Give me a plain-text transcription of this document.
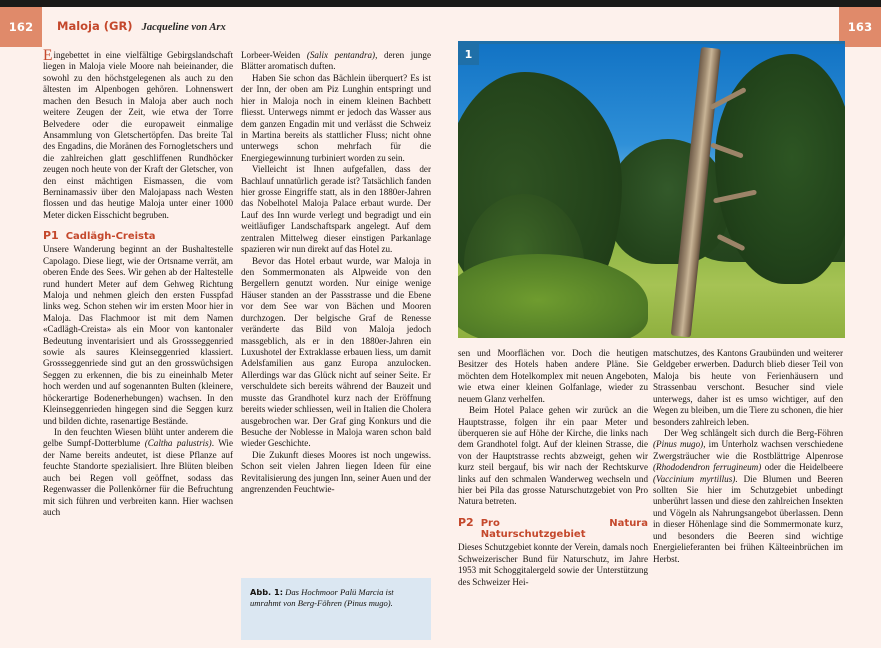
162	Maloja (GR) Jacqueline von Arx	163
1

Eingebettet in eine vielfältige Gebirgslandschaft liegen in Maloja viele Moore nah beieinander, die sowohl zu den höchstgelegenen als auch zu den ältesten im Alpenbogen gehören. Lohnenswert machen den Besuch in Maloja aber auch noch weitere Zeugen der Zeit, wie etwa der Torre Belvedere oder die europaweit einmalige Ansammlung von Gletschertöpfen. Das breite Tal des Engadins, die Moränen des Fornogletschers und die zahlreichen glatt geschliffenen Rundhöcker zeugen noch heute von der Kraft der Gletscher, von den einst mächtigen Eismassen, die vom Berninamassiv über den Malojapass nach Westen flossen und das heutige Maloja unter einer 1000 Meter dicken Eisschicht begruben.

P1 Cadlägh-Creista

Unsere Wanderung beginnt an der Bushaltestelle Capolago. Diese liegt, wie der Ortsname verrät, am oberen Ende des Sees. Wir gehen ab der Haltestelle rund hundert Meter auf dem Gehweg Richtung Maloja und nehmen gleich den ersten Fusspfad links weg. Schon stehen wir im ersten Moor hier in Maloja. Das Flachmoor ist mit dem Namen «Cadlägh-Creista» als ein Moor von kantonaler Bedeutung inventarisiert und als Grossseggenried sowie als saures Kleinseggenried klassiert. Grossseggenriede sind gut an den grosswüchsigen Seggen zu erkennen, die bis zu eineinhalb Meter hoch werden und auf sogenannten Bulten (kleinere, höckerartige Bodenerhebungen) wachsen. In den Kleinseggenrieden hingegen sind die Seggen kurz und bilden dichte, rasenartige Bestände.

In den feuchten Wiesen blüht unter anderem die gelbe Sumpf-Dotterblume (Caltha palustris). Wie der Name bereits andeutet, ist diese Pflanze auf feuchte Standorte spezialisiert. Ihre Blüten bleiben auch bei Regen voll geöffnet, sodass das Regenwasser die Pollenkörner für die Befruchtung mit sich führen und verbreiten kann. Hier wachsen auch

Lorbeer-Weiden (Salix pentandra), deren junge Blätter aromatisch duften.

Haben Sie schon das Bächlein überquert? Es ist der Inn, der oben am Piz Lunghin entspringt und hier in Maloja noch in einem kleinen Bachbett fliesst. Unterwegs nimmt er jedoch das Wasser aus dem ganzen Engadin mit und verlässt die Schweiz in Martina bereits als stattlicher Fluss; nicht ohne unterwegs schon mehrfach für die Energiegewinnung turbiniert worden zu sein.

Vielleicht ist Ihnen aufgefallen, dass der Bachlauf unnatürlich gerade ist? Tatsächlich fanden hier grosse Eingriffe statt, als in den 1880er-Jahren das Nobelhotel Maloja Palace erbaut wurde. Der Lauf des Inn wurde verlegt und begradigt und ein weitläufiger Landschaftspark angelegt. Auf dem zentralen Mittelweg dieser einstigen Parkanlage spazieren wir nun direkt auf das Hotel zu.

Bevor das Hotel erbaut wurde, war Maloja in den Sommermonaten als Alpweide von den Bergellern genutzt worden. Nur einige wenige Häuser standen an der Passstrasse und die Ebene vor dem See war von Bächen und Mooren durchzogen. Der belgische Graf de Renesse veränderte das Bild von Maloja jedoch massgeblich, als er in den 1880er-Jahren ein Luxushotel der Extraklasse erbauen liess, um damit Adelsfamilien aus ganz Europa anzulocken. Allerdings war das Glück nicht auf seiner Seite. Er verschuldete sich bereits während der Bauzeit und musste das Grandhotel kurz nach der Eröffnung bereits wieder schliessen, weil in Italien die Cholera ausgebrochen war. Der Graf ging Konkurs und die Besuche der Noblesse in Maloja waren schon bald wieder Geschichte.

Die Zukunft dieses Moores ist noch ungewiss. Schon seit vielen Jahren liegen Ideen für eine Revitalisierung des jungen Inn, seiner Auen und der angrenzenden Feuchtwie-

Abb. 1: Das Hochmoor Palü Marcia ist umrahmt von Berg-Föhren (Pinus mugo).

sen und Moorflächen vor. Doch die heutigen Besitzer des Hotels haben andere Pläne. Sie möchten dem Hotelkomplex mit neuen Angeboten, wie etwa einer kleinen Golfanlage, wieder zu neuem Glanz verhelfen.

Beim Hotel Palace gehen wir zurück an die Hauptstrasse, folgen ihr ein paar Meter und überqueren sie auf Höhe der Kirche, die links nach dem Grandhotel folgt. Auf der kleinen Strasse, die von der Hauptstrasse rechts abzweigt, gehen wir kurz steil bergauf, bis wir nach der Rechtskurve links auf den schmalen Wanderweg wechseln und hier bei Pila das grosse Naturschutzgebiet von Pro Natura betreten.

P2 Pro Natura Naturschutzgebiet

Dieses Schutzgebiet konnte der Verein, damals noch Schweizerischer Bund für Naturschutz, im Jahre 1953 mit Schoggitalergeld sowie der Unterstützung des Schweizer Hei-

matschutzes, des Kantons Graubünden und weiterer Geldgeber erwerben. Dadurch blieb dieser Teil von Maloja bis heute von Ferienhäusern und Strassenbau verschont. Besucher sind viele unterwegs, daher ist es umso wichtiger, auf den Wegen zu bleiben, um die Tiere zu schonen, die hier besonders zahlreich leben.

Der Weg schlängelt sich durch die Berg-Föhren (Pinus mugo), im Unterholz wachsen verschiedene Zwergsträucher wie die Rostblättrige Alpenrose (Rhododendron ferrugineum) oder die Heidelbeere (Vaccinium myrtillus). Die Blumen und Beeren sollten Sie hier im Schutzgebiet unbedingt unberührt lassen und diese den zahlreichen Insekten und Vögeln als Nahrungsangebot überlassen. Denn in dieser Höhenlage sind die Sommermonate kurz, und besonders die Beeren sind wichtige Energielieferanten bei frühen Kälteeinbrüchen im Herbst.
